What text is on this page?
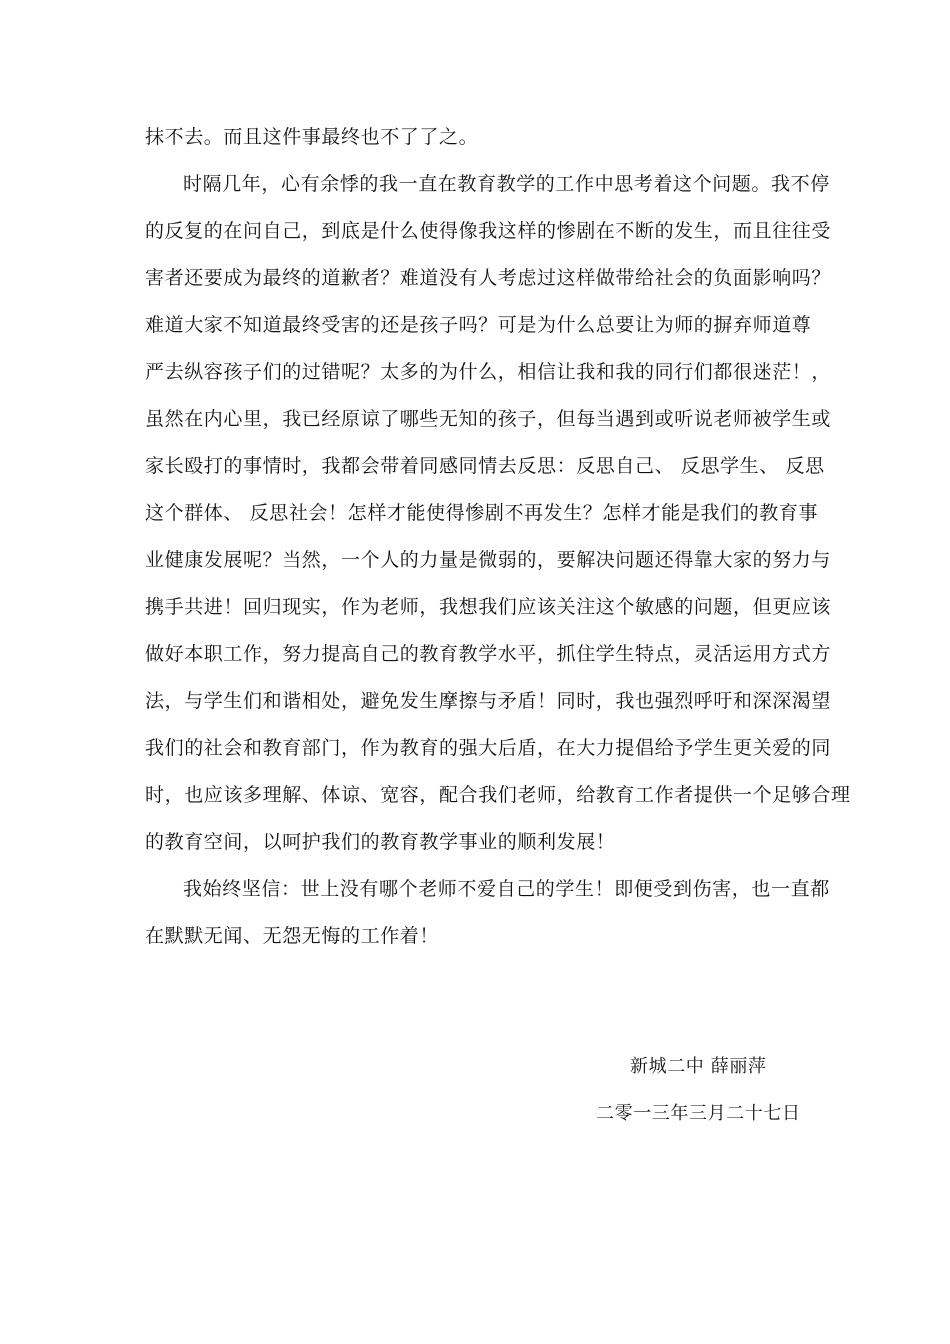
抹不去。而且这件事最终也不了了之。
时隔几年，心有余悸的我一直在教育教学的工作中思考着这个问题。我不停
的反复的在问自己，到底是什么使得像我这样的惨剧在不断的发生，而且往往受
害者还要成为最终的道歉者？难道没有人考虑过这样做带给社会的负面影响吗？
难道大家不知道最终受害的还是孩子吗？可是为什么总要让为师的摒弃师道尊
严去纵容孩子们的过错呢？太多的为什么，相信让我和我的同行们都很迷茫！，
虽然在内心里，我已经原谅了哪些无知的孩子，但每当遇到或听说老师被学生或
家长殴打的事情时，我都会带着同感同情去反思：反思自己、 反思学生、 反思
这个群体、 反思社会！怎样才能使得惨剧不再发生？怎样才能是我们的教育事
业健康发展呢？当然，一个人的力量是微弱的，要解决问题还得靠大家的努力与
携手共进！回归现实，作为老师，我想我们应该关注这个敏感的问题，但更应该
做好本职工作，努力提高自己的教育教学水平，抓住学生特点，灵活运用方式方
法，与学生们和谐相处，避免发生摩擦与矛盾！同时，我也强烈呼吁和深深渴望
我们的社会和教育部门，作为教育的强大后盾，在大力提倡给予学生更关爱的同
时，也应该多理解、体谅、宽容，配合我们老师，给教育工作者提供一个足够合理
的教育空间，以呵护我们的教育教学事业的顺利发展！
我始终坚信：世上没有哪个老师不爱自己的学生！即便受到伤害，也一直都
在默默无闻、无怨无悔的工作着！
新城二中 薛丽萍
二零一三年三月二十七日
